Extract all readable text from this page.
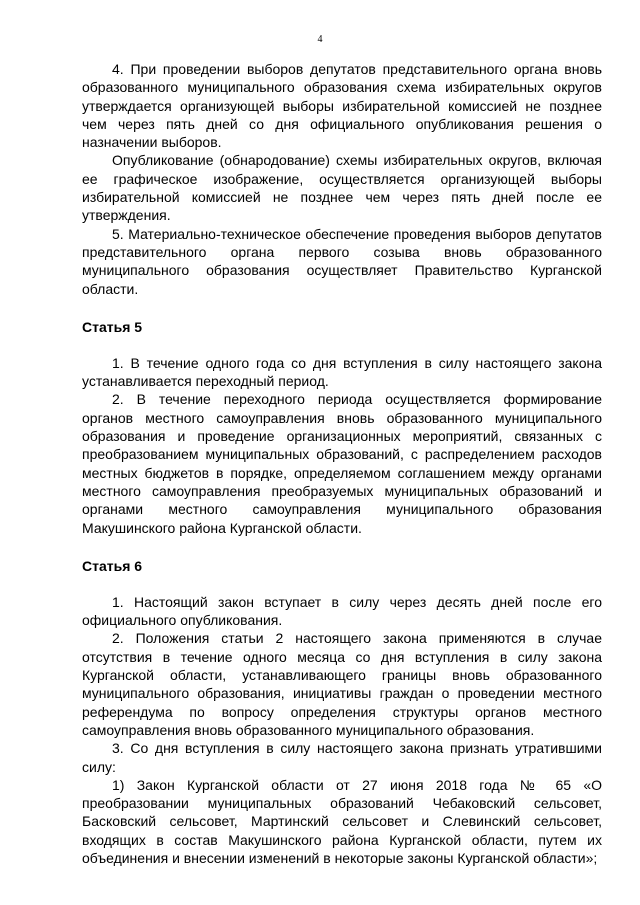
4

4. При проведении выборов депутатов представительного органа вновь образованного муниципального образования схема избирательных округов утверждается организующей выборы избирательной комиссией не позднее чем через пять дней со дня официального опубликования решения о назначении выборов.

Опубликование (обнародование) схемы избирательных округов, включая ее графическое изображение, осуществляется организующей выборы избирательной комиссией не позднее чем через пять дней после ее утверждения.

5. Материально-техническое обеспечение проведения выборов депутатов представительного органа первого созыва вновь образованного муниципального образования осуществляет Правительство Курганской области.

Статья 5

1. В течение одного года со дня вступления в силу настоящего закона устанавливается переходный период.

2. В течение переходного периода осуществляется формирование органов местного самоуправления вновь образованного муниципального образования и проведение организационных мероприятий, связанных с преобразованием муниципальных образований, с распределением расходов местных бюджетов в порядке, определяемом соглашением между органами местного самоуправления преобразуемых муниципальных образований и органами местного самоуправления муниципального образования Макушинского района Курганской области.

Статья 6

1. Настоящий закон вступает в силу через десять дней после его официального опубликования.

2. Положения статьи 2 настоящего закона применяются в случае отсутствия в течение одного месяца со дня вступления в силу закона Курганской области, устанавливающего границы вновь образованного муниципального образования, инициативы граждан о проведении местного референдума по вопросу определения структуры органов местного самоуправления вновь образованного муниципального образования.

3. Со дня вступления в силу настоящего закона признать утратившими силу:

1) Закон Курганской области от 27 июня 2018 года № 65 «О преобразовании муниципальных образований Чебаковский сельсовет, Басковский сельсовет, Мартинский сельсовет и Слевинский сельсовет, входящих в состав Макушинского района Курганской области, путем их объединения и внесении изменений в некоторые законы Курганской области»;
